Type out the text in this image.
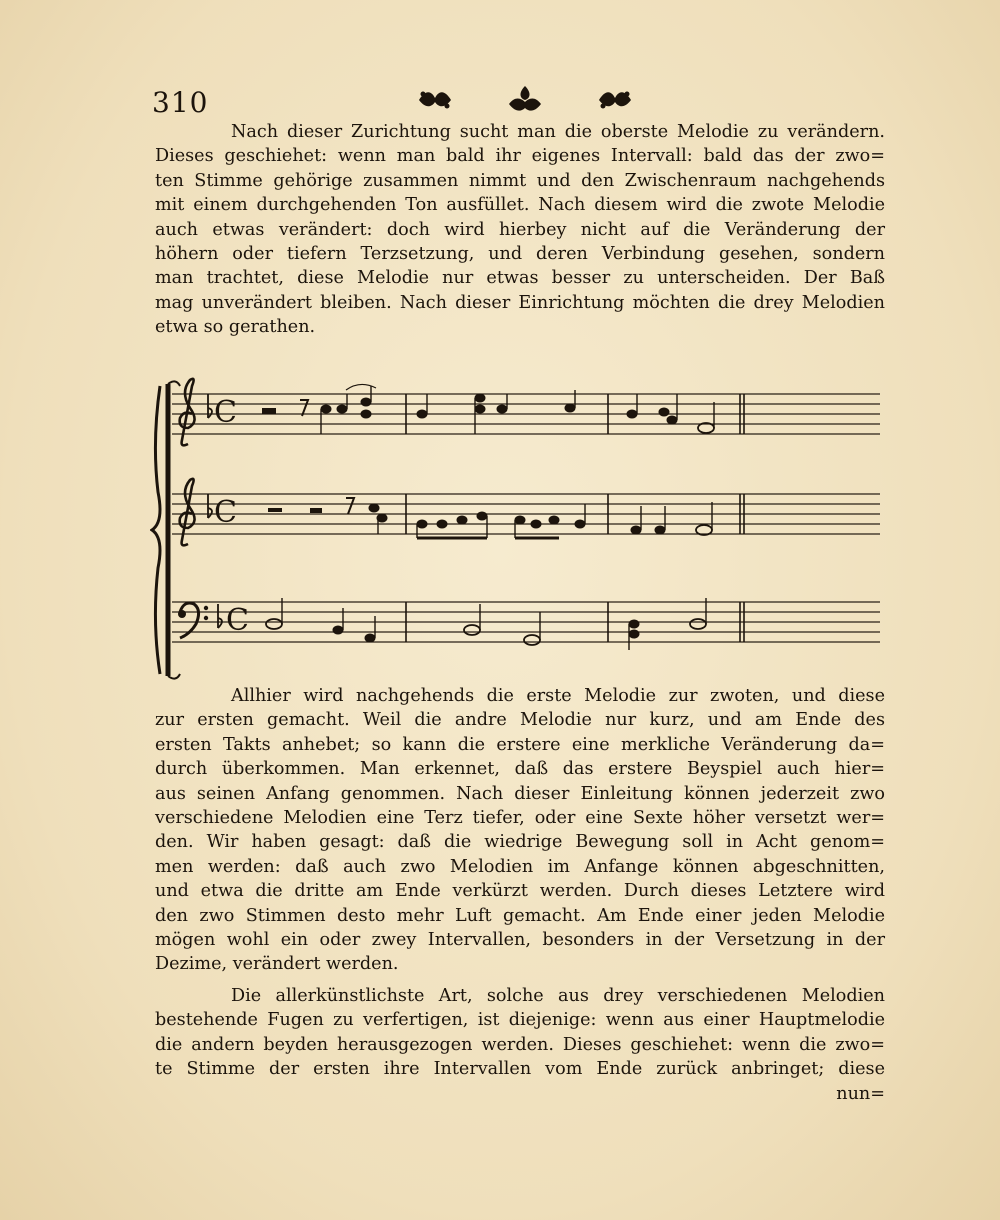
310
Nach dieser Zurichtung sucht man die oberste Melodie zu verändern.
Dieses geschiehet: wenn man bald ihr eigenes Intervall: bald das der zwo=
ten Stimme gehörige zusammen nimmt und den Zwischenraum nachgehends
mit einem durchgehenden Ton ausfüllet. Nach diesem wird die zwote Melodie
auch etwas verändert: doch wird hierbey nicht auf die Veränderung der
höhern oder tiefern Terzsetzung, und deren Verbindung gesehen, sondern
man trachtet, diese Melodie nur etwas besser zu unterscheiden. Der Baß
mag unverändert bleiben. Nach dieser Einrichtung möchten die drey Melodien
etwa so gerathen.
C
C
C
Allhier wird nachgehends die erste Melodie zur zwoten, und diese
zur ersten gemacht. Weil die andre Melodie nur kurz, und am Ende des
ersten Takts anhebet; so kann die erstere eine merkliche Veränderung da=
durch überkommen. Man erkennet, daß das erstere Beyspiel auch hier=
aus seinen Anfang genommen. Nach dieser Einleitung können jederzeit zwo
verschiedene Melodien eine Terz tiefer, oder eine Sexte höher versetzt wer=
den. Wir haben gesagt: daß die wiedrige Bewegung soll in Acht genom=
men werden: daß auch zwo Melodien im Anfange können abgeschnitten,
und etwa die dritte am Ende verkürzt werden. Durch dieses Letztere wird
den zwo Stimmen desto mehr Luft gemacht. Am Ende einer jeden Melodie
mögen wohl ein oder zwey Intervallen, besonders in der Versetzung in der
Dezime, verändert werden.
Die allerkünstlichste Art, solche aus drey verschiedenen Melodien
bestehende Fugen zu verfertigen, ist diejenige: wenn aus einer Hauptmelodie
die andern beyden herausgezogen werden. Dieses geschiehet: wenn die zwo=
te Stimme der ersten ihre Intervallen vom Ende zurück anbringet; diese
nun=
